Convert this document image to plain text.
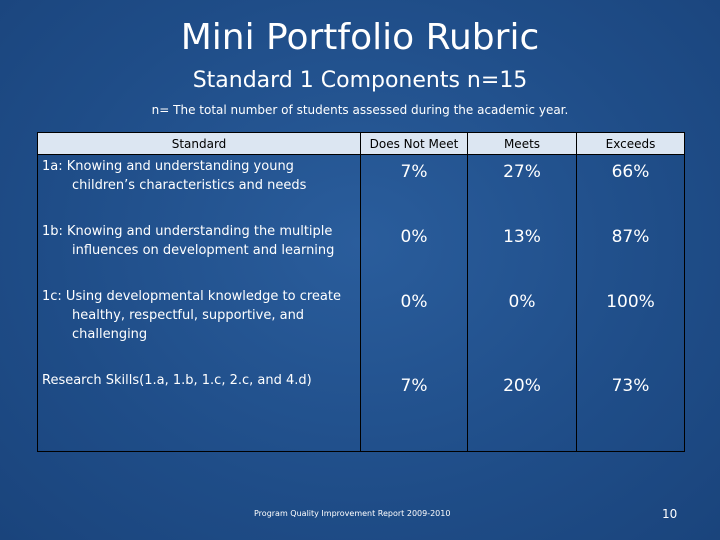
Mini Portfolio Rubric
Standard 1 Components n=15
n= The total number of students assessed during the academic year.
Standard	Does Not Meet	Meets	Exceeds

1a: Knowing and understanding young children’s characteristics and needs	7%	27%	66%

1b: Knowing and understanding the multiple influences on development and learning	0%	13%	87%

1c: Using developmental knowledge to create healthy, respectful, supportive, and challenging	0%	0%	100%

Research Skills(1.a, 1.b, 1.c, 2.c, and 4.d)	7%	20%	73%
Program Quality Improvement Report 2009-2010	10
